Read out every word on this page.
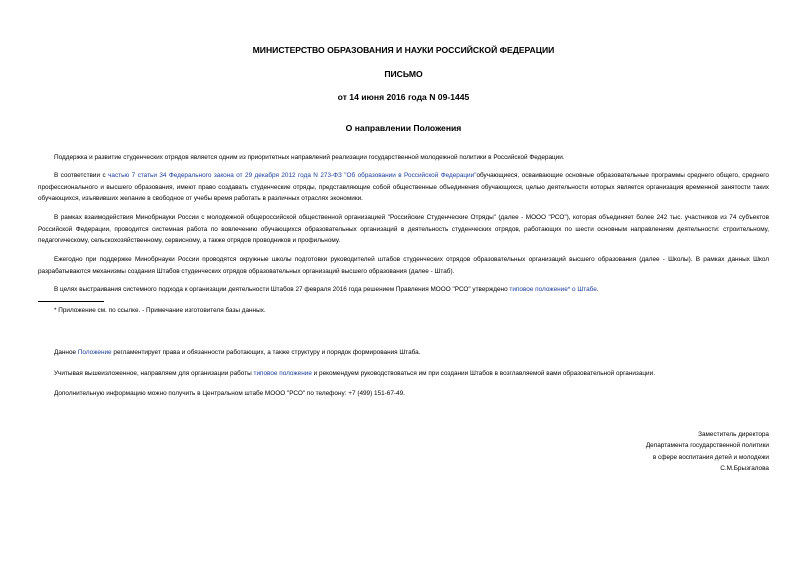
МИНИСТЕРСТВО ОБРАЗОВАНИЯ И НАУКИ РОССИЙСКОЙ ФЕДЕРАЦИИ
ПИСЬМО
от 14 июня 2016 года N 09-1445
О направлении Положения

Поддержка и развитие студенческих отрядов является одним из приоритетных направлений реализации государственной молодежной политики в Российской Федерации.

В соответствии с частью 7 статьи 34 Федерального закона от 29 декабря 2012 года N 273-ФЗ "Об образовании в Российской Федерации"обучающиеся, осваивающие основные образовательные программы среднего общего, среднего профессионального и высшего образования, имеют право создавать студенческие отряды, представляющие собой общественные объединения обучающихся, целью деятельности которых является организация временной занятости таких обучающихся, изъявивших желание в свободное от учебы время работать в различных отраслях экономики.

В рамках взаимодействия Минобрнауки России с молодежной общероссийской общественной организацией "Российские Студенческие Отряды" (далее - МООО "РСО"), которая объединяет более 242 тыс. участников из 74 субъектов Российской Федерации, проводится системная работа по вовлечению обучающихся образовательных организаций в деятельность студенческих отрядов, работающих по шести основным направлениям деятельности: строительному, педагогическому, сельскохозяйственному, сервисному, а также отрядов проводников и профильному.

Ежегодно при поддержке Минобрнауки России проводятся окружные школы подготовки руководителей штабов студенческих отрядов образовательных организаций высшего образования (далее - Школы). В рамках данных Школ разрабатываются механизмы создания Штабов студенческих отрядов образовательных организаций высшего образования (далее - Штаб).

В целях выстраивания системного подхода к организации деятельности Штабов 27 февраля 2016 года решением Правления МООО "РСО" утверждено типовое положение* о Штабе.

* Приложение см. по ссылке. - Примечание изготовителя базы данных.

Данное Положение регламентирует права и обязанности работающих, а также структуру и порядок формирования Штаба.

Учитывая вышеизложенное, направляем для организации работы типовое положение и рекомендуем руководствоваться им при создании Штабов в возглавляемой вами образовательной организации.

Дополнительную информацию можно получить в Центральном штабе МООО "РСО" по телефону: +7 (499) 151-67-49.

Заместитель директора
Департамента государственной политики
в сфере воспитания детей и молодежи
С.М.Брызгалова
